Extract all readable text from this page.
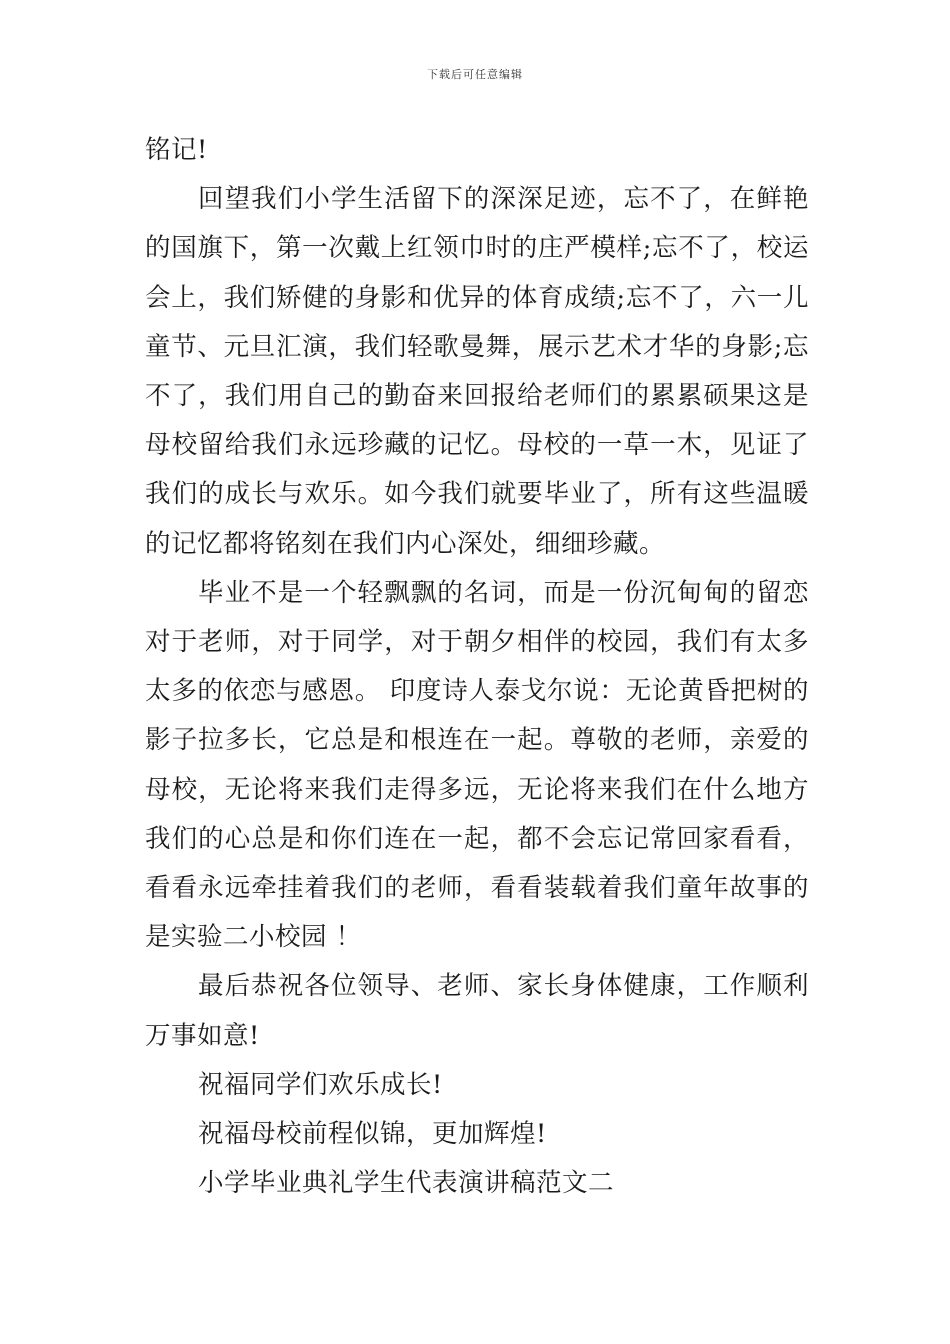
下载后可任意编辑

铭记!

回望我们小学生活留下的深深足迹，忘不了，在鲜艳的国旗下，第一次戴上红领巾时的庄严模样;忘不了，校运会上，我们矫健的身影和优异的体育成绩;忘不了，六一儿童节、元旦汇演，我们轻歌曼舞，展示艺术才华的身影;忘不了，我们用自己的勤奋来回报给老师们的累累硕果这是母校留给我们永远珍藏的记忆。母校的一草一木，见证了我们的成长与欢乐。如今我们就要毕业了，所有这些温暖的记忆都将铭刻在我们内心深处，细细珍藏。

毕业不是一个轻飘飘的名词，而是一份沉甸甸的留恋对于老师，对于同学，对于朝夕相伴的校园，我们有太多太多的依恋与感恩。 印度诗人泰戈尔说：无论黄昏把树的影子拉多长，它总是和根连在一起。尊敬的老师，亲爱的母校，无论将来我们走得多远，无论将来我们在什么地方我们的心总是和你们连在一起，都不会忘记常回家看看，看看永远牵挂着我们的老师，看看装载着我们童年故事的是实验二小校园 ！

最后恭祝各位领导、老师、家长身体健康，工作顺利万事如意!

祝福同学们欢乐成长!

祝福母校前程似锦，更加辉煌!

小学毕业典礼学生代表演讲稿范文二
